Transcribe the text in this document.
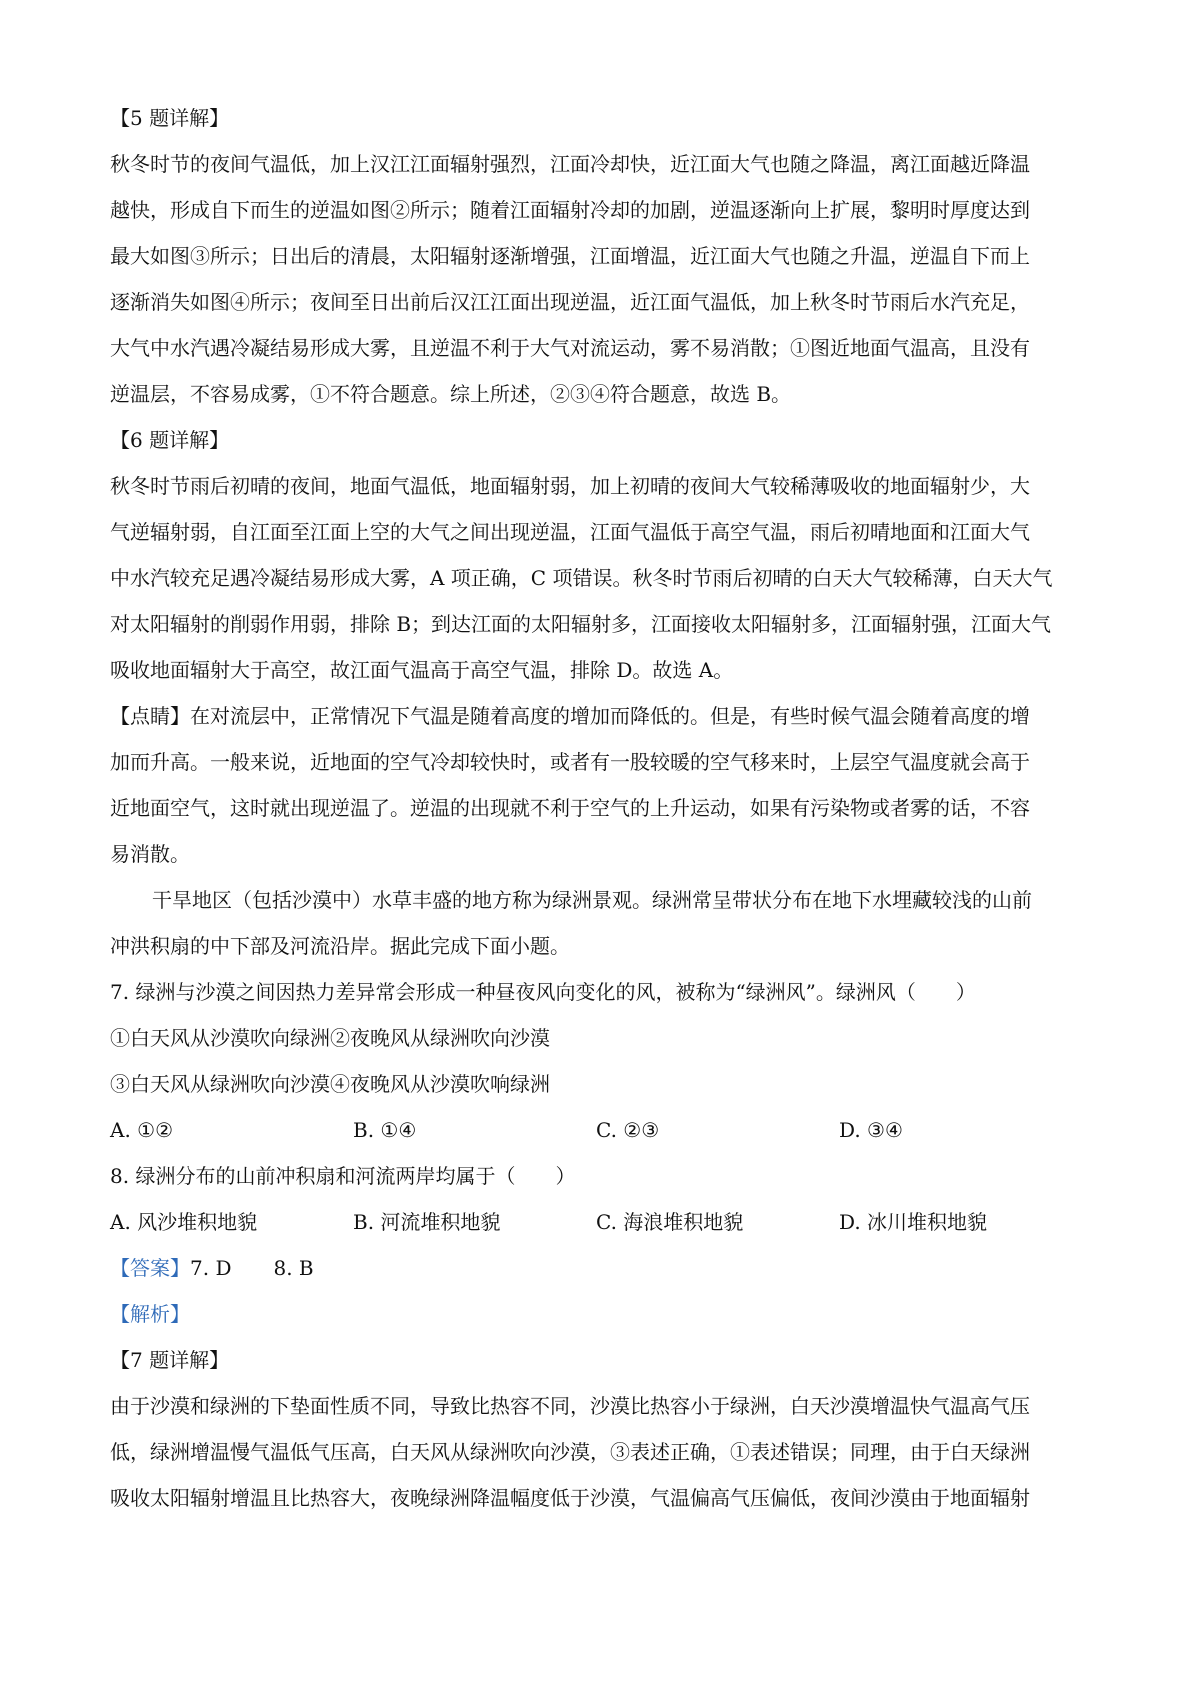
【5 题详解】

秋冬时节的夜间气温低，加上汉江江面辐射强烈，江面冷却快，近江面大气也随之降温，离江面越近降温

越快，形成自下而生的逆温如图②所示；随着江面辐射冷却的加剧，逆温逐渐向上扩展，黎明时厚度达到

最大如图③所示；日出后的清晨，太阳辐射逐渐增强，江面增温，近江面大气也随之升温，逆温自下而上

逐渐消失如图④所示；夜间至日出前后汉江江面出现逆温，近江面气温低，加上秋冬时节雨后水汽充足，

大气中水汽遇冷凝结易形成大雾，且逆温不利于大气对流运动，雾不易消散；①图近地面气温高，且没有

逆温层，不容易成雾，①不符合题意。综上所述，②③④符合题意，故选 B。

【6 题详解】

秋冬时节雨后初晴的夜间，地面气温低，地面辐射弱，加上初晴的夜间大气较稀薄吸收的地面辐射少，大

气逆辐射弱，自江面至江面上空的大气之间出现逆温，江面气温低于高空气温，雨后初晴地面和江面大气

中水汽较充足遇冷凝结易形成大雾，A 项正确，C 项错误。秋冬时节雨后初晴的白天大气较稀薄，白天大气

对太阳辐射的削弱作用弱，排除 B；到达江面的太阳辐射多，江面接收太阳辐射多，江面辐射强，江面大气

吸收地面辐射大于高空，故江面气温高于高空气温，排除 D。故选 A。

【点睛】在对流层中，正常情况下气温是随着高度的增加而降低的。但是，有些时候气温会随着高度的增

加而升高。一般来说，近地面的空气冷却较快时，或者有一股较暖的空气移来时，上层空气温度就会高于

近地面空气，这时就出现逆温了。逆温的出现就不利于空气的上升运动，如果有污染物或者雾的话，不容

易消散。

干旱地区（包括沙漠中）水草丰盛的地方称为绿洲景观。绿洲常呈带状分布在地下水埋藏较浅的山前

冲洪积扇的中下部及河流沿岸。据此完成下面小题。

7. 绿洲与沙漠之间因热力差异常会形成一种昼夜风向变化的风，被称为“绿洲风”。绿洲风（　　）

①白天风从沙漠吹向绿洲②夜晚风从绿洲吹向沙漠

③白天风从绿洲吹向沙漠④夜晚风从沙漠吹响绿洲

A. ①②	B. ①④	C. ②③	D. ③④

8. 绿洲分布的山前冲积扇和河流两岸均属于（　　）

A. 风沙堆积地貌	B. 河流堆积地貌	C. 海浪堆积地貌	D. 冰川堆积地貌

【答案】7. D 8. B

【解析】

【7 题详解】

由于沙漠和绿洲的下垫面性质不同，导致比热容不同，沙漠比热容小于绿洲，白天沙漠增温快气温高气压

低，绿洲增温慢气温低气压高，白天风从绿洲吹向沙漠，③表述正确，①表述错误；同理，由于白天绿洲

吸收太阳辐射增温且比热容大，夜晚绿洲降温幅度低于沙漠，气温偏高气压偏低，夜间沙漠由于地面辐射
